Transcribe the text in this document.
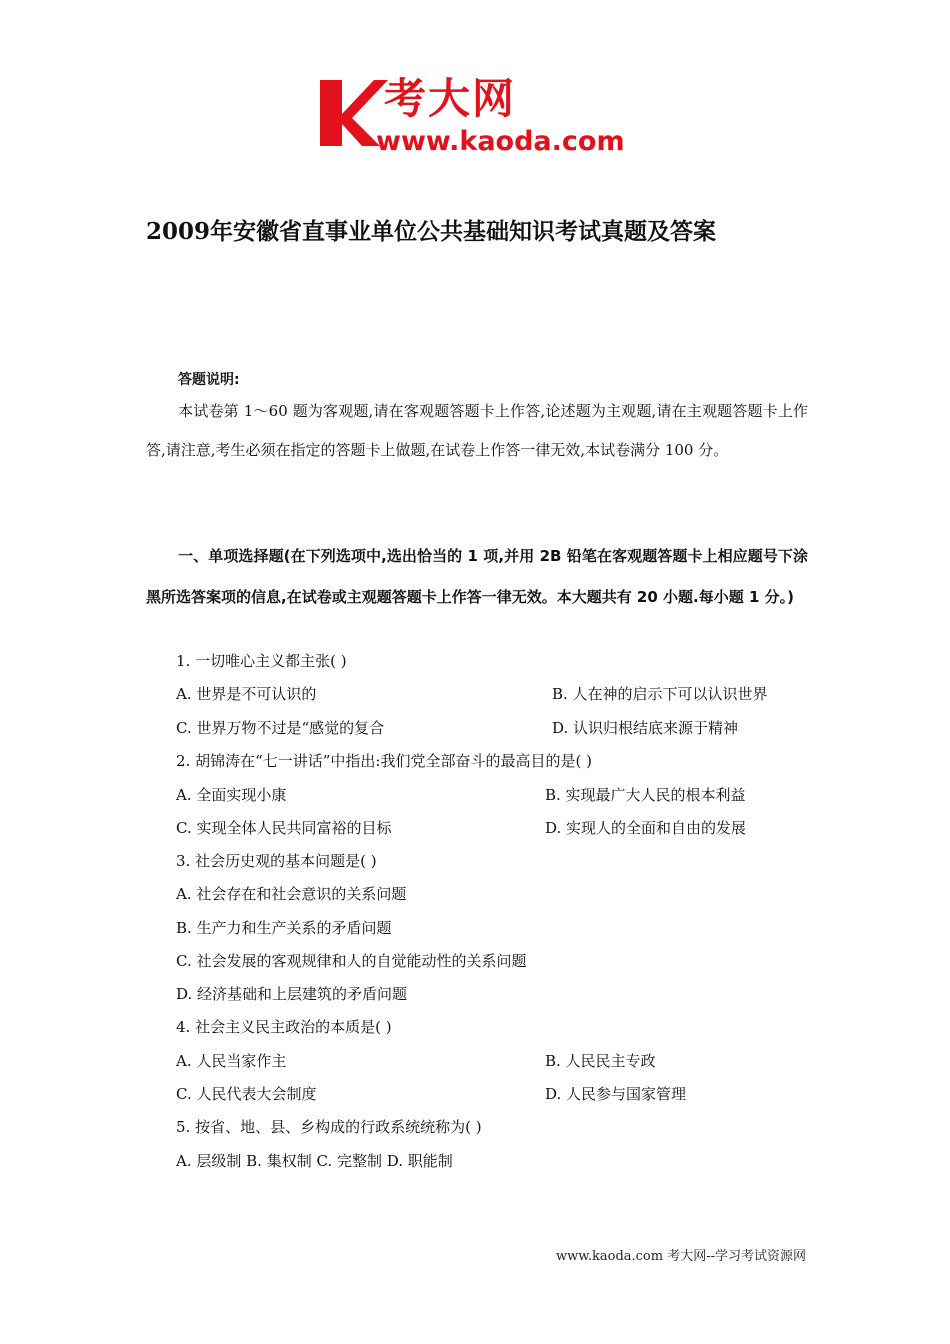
考大网
www.kaoda.com
2009年安徽省直事业单位公共基础知识考试真题及答案
答题说明:
本试卷第 1～60 题为客观题,请在客观题答题卡上作答,论述题为主观题,请在主观题答题卡上作答,请注意,考生必须在指定的答题卡上做题,在试卷上作答一律无效,本试卷满分 100 分。
一、单项选择题(在下列选项中,选出恰当的 1 项,并用 2B 铅笔在客观题答题卡上相应题号下涂黑所选答案项的信息,在试卷或主观题答题卡上作答一律无效。本大题共有 20 小题.每小题 1 分。)
1. 一切唯心主义都主张( )
A. 世界是不可认识的	B. 人在神的启示下可以认识世界
C. 世界万物不过是“感觉的复合	D. 认识归根结底来源于精神
2. 胡锦涛在“七一讲话”中指出:我们党全部奋斗的最高目的是( )
A. 全面实现小康	B. 实现最广大人民的根本利益
C. 实现全体人民共同富裕的目标	D. 实现人的全面和自由的发展
3. 社会历史观的基本问题是( )
A. 社会存在和社会意识的关系问题
B. 生产力和生产关系的矛盾问题
C. 社会发展的客观规律和人的自觉能动性的关系问题
D. 经济基础和上层建筑的矛盾问题
4. 社会主义民主政治的本质是( )
A. 人民当家作主	B. 人民民主专政
C. 人民代表大会制度	D. 人民参与国家管理
5. 按省、地、县、乡构成的行政系统统称为( )
A. 层级制 B. 集权制 C. 完整制 D. 职能制
www.kaoda.com 考大网--学习考试资源网
